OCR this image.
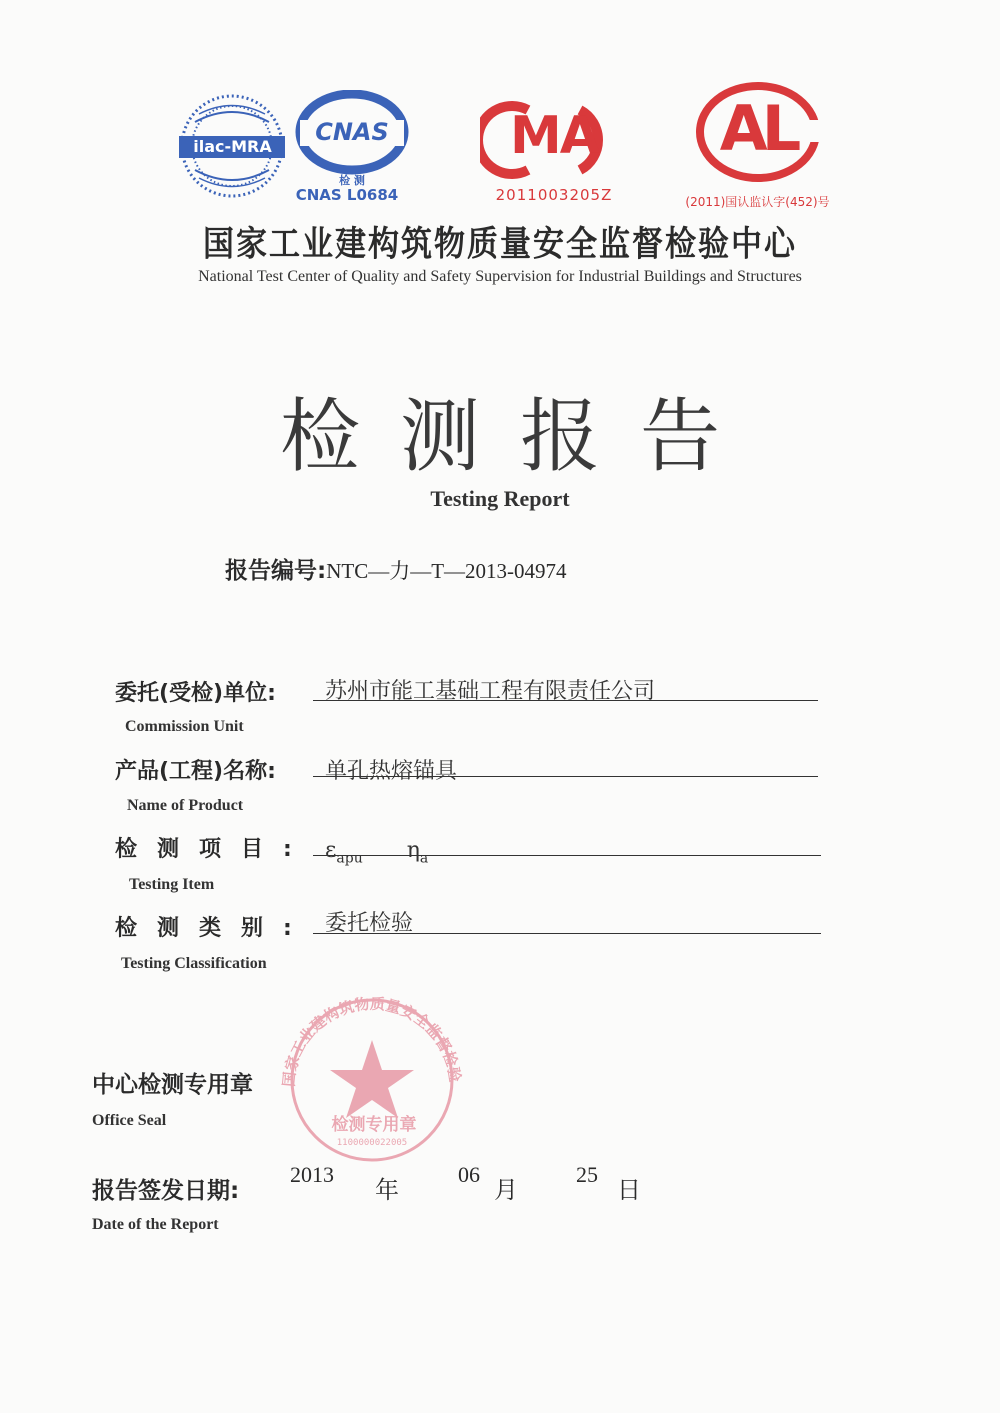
ilac-MRA
CNAS
检 测
CNAS L0684
MA
2011003205Z
AL
(2011)国认监认字(452)号
国家工业建构筑物质量安全监督检验中心
National Test Center of Quality and Safety Supervision for Industrial Buildings and Structures
检测报告
Testing Report
报告编号:NTC—力—T—2013-04974
委托(受检)单位: 苏州市能工基础工程有限责任公司
Commission Unit
产品(工程)名称: 单孔热熔锚具
Name of Product
检测项目: $\varepsilon_{apu}$ $\eta_a$
Testing Item
检测类别: 委托检验
Testing Classification
国家工业建构筑物质量安全监督检验
检测专用章
1100000022005
中心检测专用章
Office Seal
报告签发日期:
2013
年
06
月
25
日
Date of the Report
